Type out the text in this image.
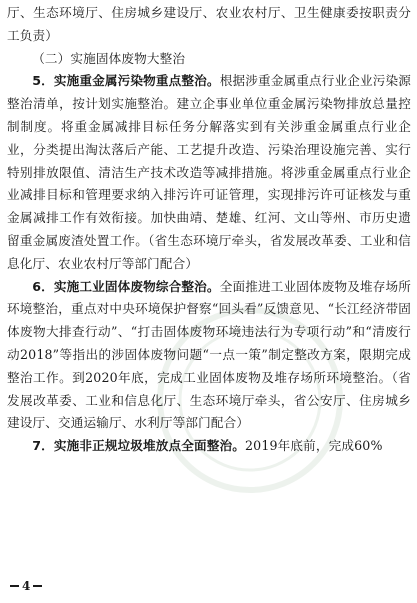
厅、生态环境厅、住房城乡建设厅、农业农村厅、卫生健康委按职责分工负责）

（二）实施固体废物大整治

5．实施重金属污染物重点整治。根据涉重金属重点行业企业污染源整治清单，按计划实施整治。建立企事业单位重金属污染物排放总量控制制度。将重金属减排目标任务分解落实到有关涉重金属重点行业企业，分类提出淘汰落后产能、工艺提升改造、污染治理设施完善、实行特别排放限值、清洁生产技术改造等减排措施。将涉重金属重点行业企业减排目标和管理要求纳入排污许可证管理，实现排污许可证核发与重金属减排工作有效衔接。加快曲靖、楚雄、红河、文山等州、市历史遗留重金属废渣处置工作。（省生态环境厅牵头，省发展改革委、工业和信息化厅、农业农村厅等部门配合）

6．实施工业固体废物综合整治。全面推进工业固体废物及堆存场所环境整治，重点对中央环境保护督察“回头看”反馈意见、“长江经济带固体废物大排查行动”、“打击固体废物环境违法行为专项行动”和“清废行动2018”等指出的涉固体废物问题“一点一策”制定整改方案，限期完成整治工作。到2020年底，完成工业固体废物及堆存场所环境整治。（省发展改革委、工业和信息化厅、生态环境厅牵头，省公安厅、住房城乡建设厅、交通运输厅、水利厅等部门配合）

7．实施非正规垃圾堆放点全面整治。2019年底前，完成60%

4
